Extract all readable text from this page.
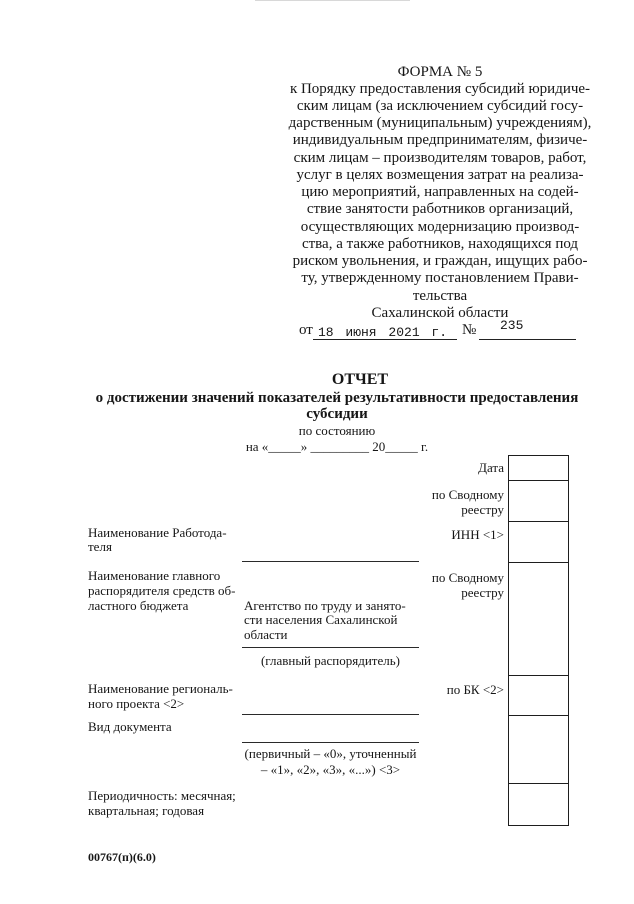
ФОРМА № 5
к Порядку предоставления субсидий юридиче-
ским лицам (за исключением субсидий госу-
дарственным (муниципальным) учреждениям),
индивидуальным предпринимателям, физиче-
ским лицам – производителям товаров, работ,
услуг в целях возмещения затрат на реализа-
цию мероприятий, направленных на содей-
ствие занятости работников организаций,
осуществляющих модернизацию производ-
ства, а также работников, находящихся под
риском увольнения, и граждан, ищущих рабо-
ту, утвержденному постановлением Прави-
тельства
Сахалинской области
от 18 июня 2021 г. № 235
ОТЧЕТ
о достижении значений показателей результативности предоставления
субсидии
по состоянию
на «_____» _________ 20_____ г.
Дата
по Сводному
реестру
ИНН <1>
по Сводному
реестру
по БК <2>
Наименование Работода-
теля
Наименование главного
распорядителя средств об-
ластного бюджета
Наименование региональ-
ного проекта <2>
Вид документа
Периодичность: месячная;
квартальная; годовая
Агентство по труду и занято-
сти населения Сахалинской
области
(главный распорядитель)
(первичный – «0», уточненный
– «1», «2», «3», «...») <3>
00767(п)(6.0)
